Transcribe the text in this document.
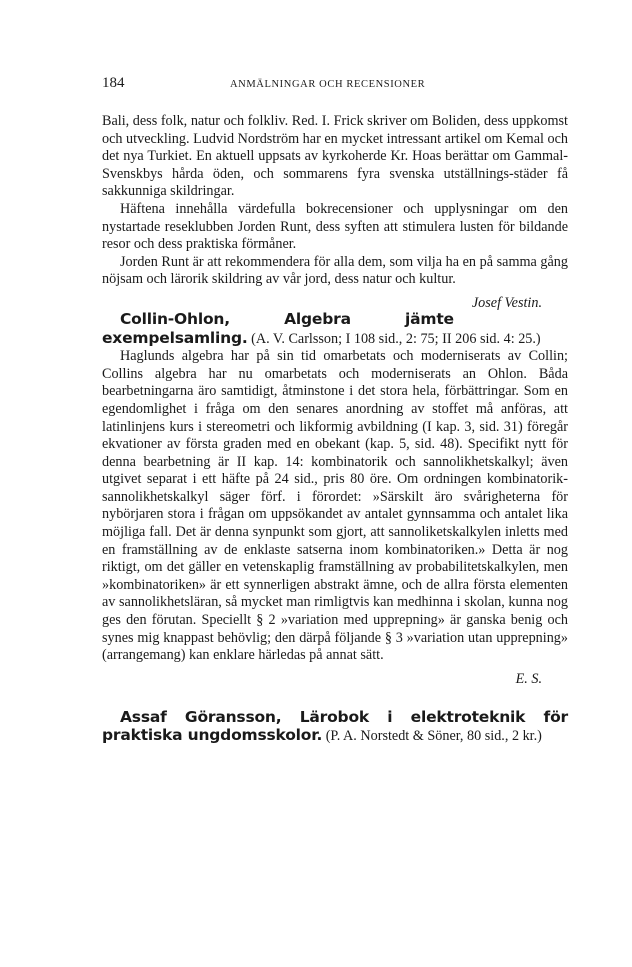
184	ANMÄLNINGAR OCH RECENSIONER

Bali, dess folk, natur och folkliv. Red. I. Frick skriver om Boliden, dess uppkomst och utveckling. Ludvid Nordström har en mycket intressant artikel om Kemal och det nya Turkiet. En aktuell uppsats av kyrkoherde Kr. Hoas berättar om Gammal-Svenskbys hårda öden, och sommarens fyra svenska utställnings-städer få sakkunniga skildringar.

Häftena innehålla värdefulla bokrecensioner och upplysningar om den nystartade reseklubben Jorden Runt, dess syften att stimulera lusten för bildande resor och dess praktiska förmåner.

Jorden Runt är att rekommendera för alla dem, som vilja ha en på samma gång nöjsam och lärorik skildring av vår jord, dess natur och kultur.
Josef Vestin.

Collin-Ohlon, Algebra jämte exempelsamling. (A. V. Carlsson; I 108 sid., 2: 75; II 206 sid. 4: 25.)

Haglunds algebra har på sin tid omarbetats och moderniserats av Collin; Collins algebra har nu omarbetats och moderniserats an Ohlon. Båda bearbetningarna äro samtidigt, åtminstone i det stora hela, förbättringar. Som en egendomlighet i fråga om den senares anordning av stoffet må anföras, att latinlinjens kurs i stereometri och likformig avbildning (I kap. 3, sid. 31) föregår ekvationer av första graden med en obekant (kap. 5, sid. 48). Specifikt nytt för denna bearbetning är II kap. 14: kombinatorik och sannolikhetskalkyl; även utgivet separat i ett häfte på 24 sid., pris 80 öre. Om ordningen kombinatorik-sannolikhetskalkyl säger förf. i förordet: »Särskilt äro svårigheterna för nybörjaren stora i frågan om uppsökandet av antalet gynnsamma och antalet lika möjliga fall. Det är denna synpunkt som gjort, att sannoliketskalkylen inletts med en framställning av de enklaste satserna inom kombinatoriken.» Detta är nog riktigt, om det gäller en vetenskaplig framställning av probabilitetskalkylen, men »kombinatoriken» är ett synnerligen abstrakt ämne, och de allra första elementen av sannolikhetsläran, så mycket man rimligtvis kan medhinna i skolan, kunna nog ges den förutan. Speciellt § 2 »variation med upprepning» är ganska benig och synes mig knappast behövlig; den därpå följande § 3 »variation utan upprepning» (arrangemang) kan enklare härledas på annat sätt.

E. S.

Assaf Göransson, Lärobok i elektroteknik för praktiska ungdomsskolor. (P. A. Norstedt & Söner, 80 sid., 2 kr.)
